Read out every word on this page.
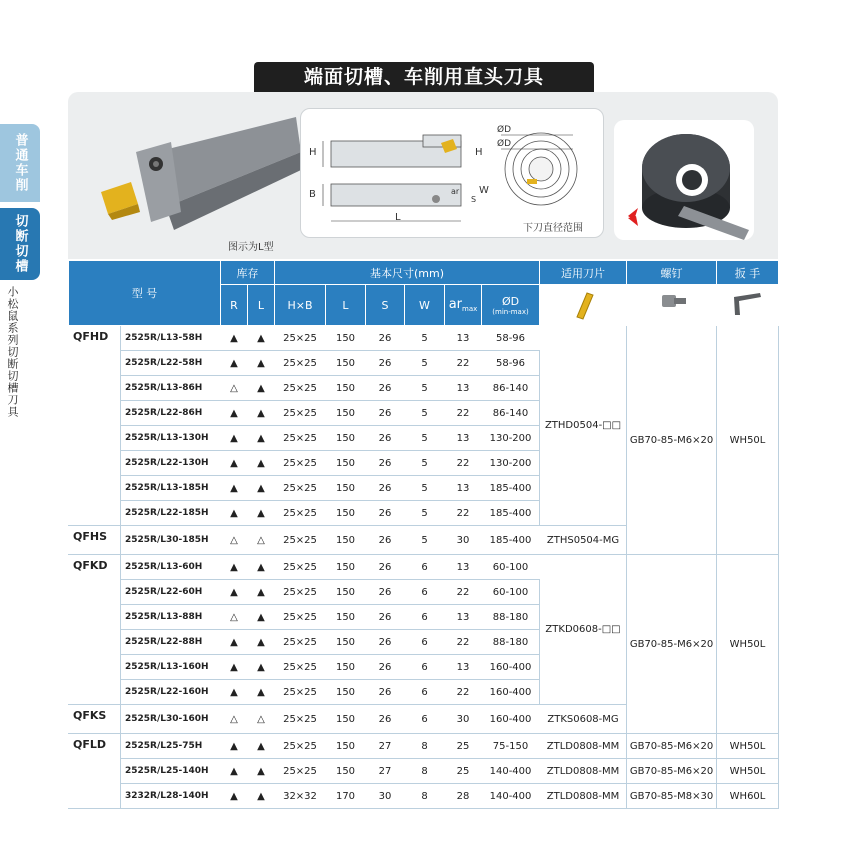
端面切槽、车削用直头刀具
普通车削
切断切槽
小松鼠系列切断切槽刀具
图示为L型
H	H
B
L
W
S
ar
ØD
ØD
下刀直径范围
型 号		库存		基本尺寸(mm)						适用刀片	螺钉	扳 手
		R	L	H×B	L	S	W	$ar_{max}$	ØD
(min-max)

QFHD	2525R/L13-58H	▲	▲	25×25	150	26	5	13	58-96	ZTHD0504-□□	GB70-85-M6×20	WH50L
	2525R/L22-58H	▲	▲	25×25	150	26	5	22	58-96			
	2525R/L13-86H	△	▲	25×25	150	26	5	13	86-140			
	2525R/L22-86H	▲	▲	25×25	150	26	5	22	86-140			
	2525R/L13-130H	▲	▲	25×25	150	26	5	13	130-200			
	2525R/L22-130H	▲	▲	25×25	150	26	5	22	130-200			
	2525R/L13-185H	▲	▲	25×25	150	26	5	13	185-400			
	2525R/L22-185H	▲	▲	25×25	150	26	5	22	185-400			
QFHS	2525R/L30-185H	△	△	25×25	150	26	5	30	185-400	ZTHS0504-MG		
QFKD	2525R/L13-60H	▲	▲	25×25	150	26	6	13	60-100	ZTKD0608-□□	GB70-85-M6×20	WH50L
	2525R/L22-60H	▲	▲	25×25	150	26	6	22	60-100			
	2525R/L13-88H	△	▲	25×25	150	26	6	13	88-180			
	2525R/L22-88H	▲	▲	25×25	150	26	6	22	88-180			
	2525R/L13-160H	▲	▲	25×25	150	26	6	13	160-400			
	2525R/L22-160H	▲	▲	25×25	150	26	6	22	160-400			
QFKS	2525R/L30-160H	△	△	25×25	150	26	6	30	160-400	ZTKS0608-MG		
QFLD	2525R/L25-75H	▲	▲	25×25	150	27	8	25	75-150	ZTLD0808-MM	GB70-85-M6×20	WH50L
	2525R/L25-140H	▲	▲	25×25	150	27	8	25	140-400	ZTLD0808-MM	GB70-85-M6×20	WH50L
	3232R/L28-140H	▲	▲	32×32	170	30	8	28	140-400	ZTLD0808-MM	GB70-85-M8×30	WH60L
